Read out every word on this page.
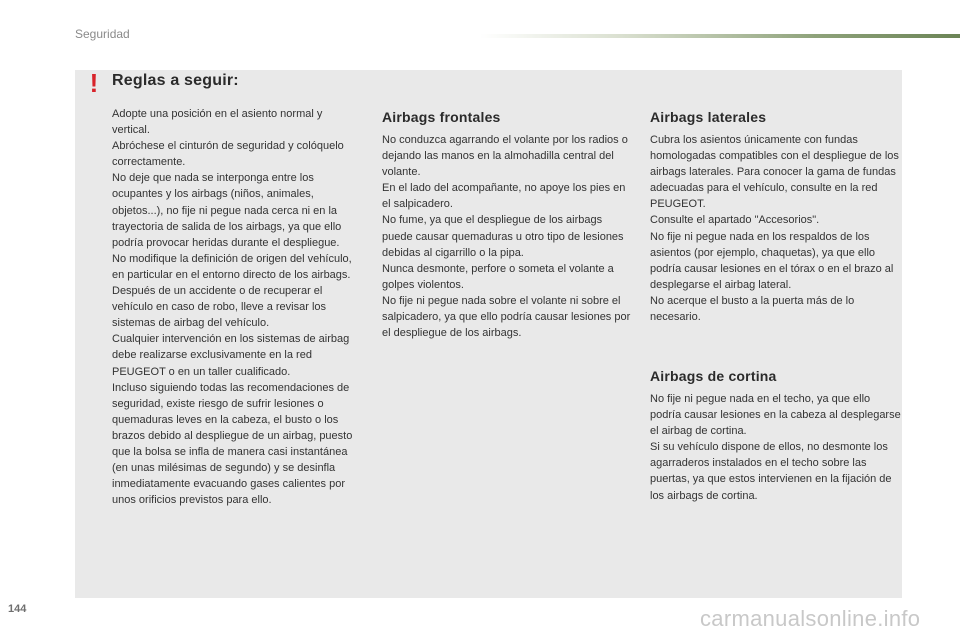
Seguridad
! Reglas a seguir:

Adopte una posición en el asiento normal y vertical.

Abróchese el cinturón de seguridad y colóquelo correctamente.

No deje que nada se interponga entre los ocupantes y los airbags (niños, animales, objetos...), no fije ni pegue nada cerca ni en la trayectoria de salida de los airbags, ya que ello podría provocar heridas durante el despliegue.

No modifique la definición de origen del vehículo, en particular en el entorno directo de los airbags.

Después de un accidente o de recuperar el vehículo en caso de robo, lleve a revisar los sistemas de airbag del vehículo.

Cualquier intervención en los sistemas de airbag debe realizarse exclusivamente en la red PEUGEOT o en un taller cualificado.

Incluso siguiendo todas las recomendaciones de seguridad, existe riesgo de sufrir lesiones o quemaduras leves en la cabeza, el busto o los brazos debido al despliegue de un airbag, puesto que la bolsa se infla de manera casi instantánea (en unas milésimas de segundo) y se desinfla inmediatamente evacuando gases calientes por unos orificios previstos para ello.

Airbags frontales

No conduzca agarrando el volante por los radios o dejando las manos en la almohadilla central del volante.

En el lado del acompañante, no apoye los pies en el salpicadero.

No fume, ya que el despliegue de los airbags puede causar quemaduras u otro tipo de lesiones debidas al cigarrillo o la pipa.

Nunca desmonte, perfore o someta el volante a golpes violentos.

No fije ni pegue nada sobre el volante ni sobre el salpicadero, ya que ello podría causar lesiones por el despliegue de los airbags.

Airbags laterales

Cubra los asientos únicamente con fundas homologadas compatibles con el despliegue de los airbags laterales. Para conocer la gama de fundas adecuadas para el vehículo, consulte en la red PEUGEOT.

Consulte el apartado "Accesorios".

No fije ni pegue nada en los respaldos de los asientos (por ejemplo, chaquetas), ya que ello podría causar lesiones en el tórax o en el brazo al desplegarse el airbag lateral.

No acerque el busto a la puerta más de lo necesario.

Airbags de cortina

No fije ni pegue nada en el techo, ya que ello podría causar lesiones en la cabeza al desplegarse el airbag de cortina.

Si su vehículo dispone de ellos, no desmonte los agarraderos instalados en el techo sobre las puertas, ya que estos intervienen en la fijación de los airbags de cortina.

144	carmanualsonline.info
